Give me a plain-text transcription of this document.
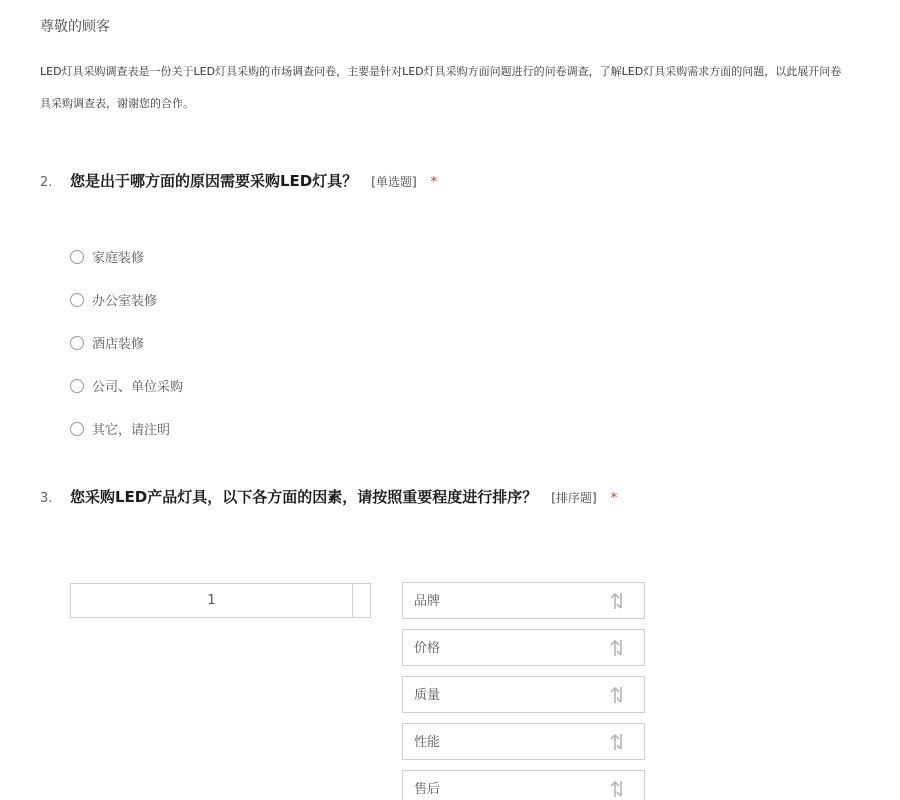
尊敬的顾客
LED灯具采购调查表是一份关于LED灯具采购的市场调查问卷，主要是针对LED灯具采购方面问题进行的问卷调查，了解LED灯具采购需求方面的问题，以此展开问卷
具采购调查表，谢谢您的合作。
2.	您是出于哪方面的原因需要采购LED灯具？ [单选题] *
家庭装修
办公室装修
酒店装修
公司、单位采购
其它，请注明
3.	您采购LED产品灯具，以下各方面的因素，请按照重要程度进行排序？ [排序题] *
1	品牌
价格
质量
性能
售后
